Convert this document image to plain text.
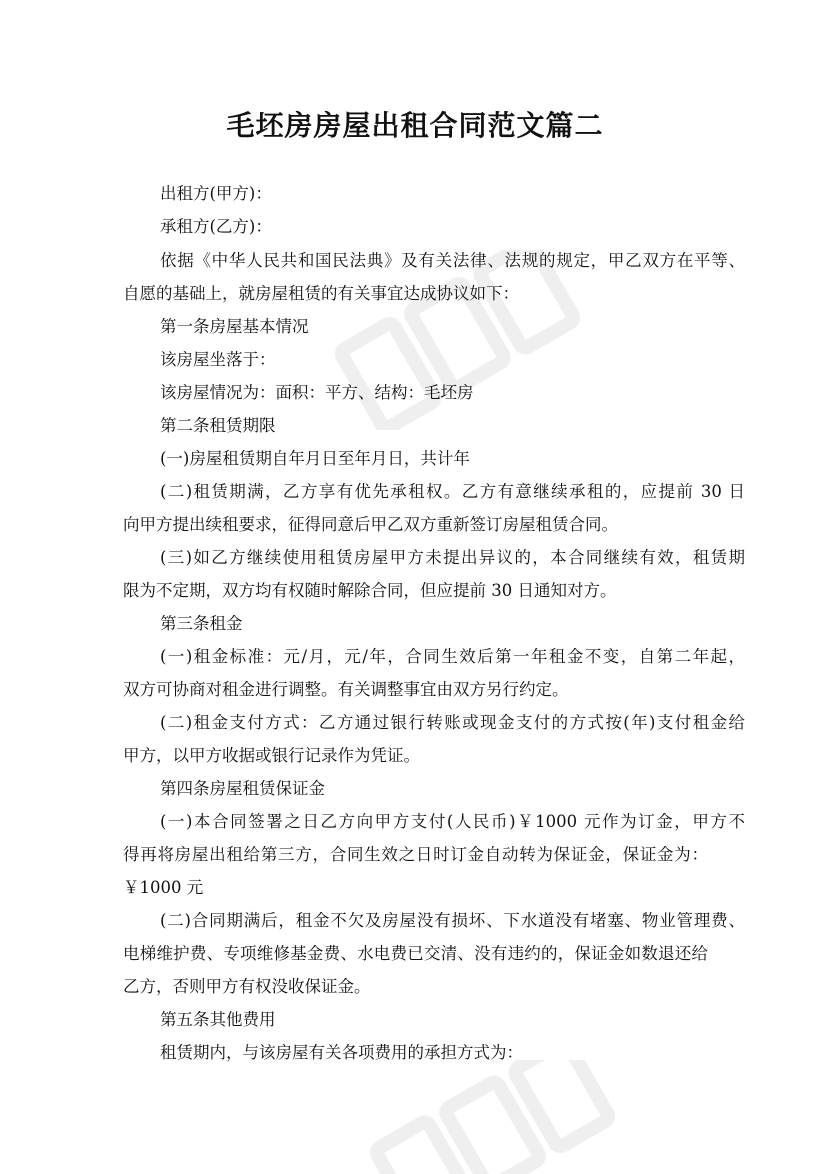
毛坯房房屋出租合同范文篇二

出租方(甲方)：

承租方(乙方)：

依据《中华人民共和国民法典》及有关法律、法规的规定，甲乙双方在平等、

自愿的基础上，就房屋租赁的有关事宜达成协议如下：

第一条房屋基本情况

该房屋坐落于：

该房屋情况为：面积：平方、结构：毛坯房

第二条租赁期限

(一)房屋租赁期自年月日至年月日，共计年

(二)租赁期满，乙方享有优先承租权。乙方有意继续承租的，应提前 30 日

向甲方提出续租要求，征得同意后甲乙双方重新签订房屋租赁合同。

(三)如乙方继续使用租赁房屋甲方未提出异议的，本合同继续有效，租赁期

限为不定期，双方均有权随时解除合同，但应提前 30 日通知对方。

第三条租金

(一)租金标准：元/月，元/年，合同生效后第一年租金不变，自第二年起，

双方可协商对租金进行调整。有关调整事宜由双方另行约定。

(二)租金支付方式：乙方通过银行转账或现金支付的方式按(年)支付租金给

甲方，以甲方收据或银行记录作为凭证。

第四条房屋租赁保证金

(一)本合同签署之日乙方向甲方支付(人民币)￥1000 元作为订金，甲方不

得再将房屋出租给第三方，合同生效之日时订金自动转为保证金，保证金为：

￥1000 元

(二)合同期满后，租金不欠及房屋没有损坏、下水道没有堵塞、物业管理费、

电梯维护费、专项维修基金费、水电费已交清、没有违约的，保证金如数退还给

乙方，否则甲方有权没收保证金。

第五条其他费用

租赁期内，与该房屋有关各项费用的承担方式为：
